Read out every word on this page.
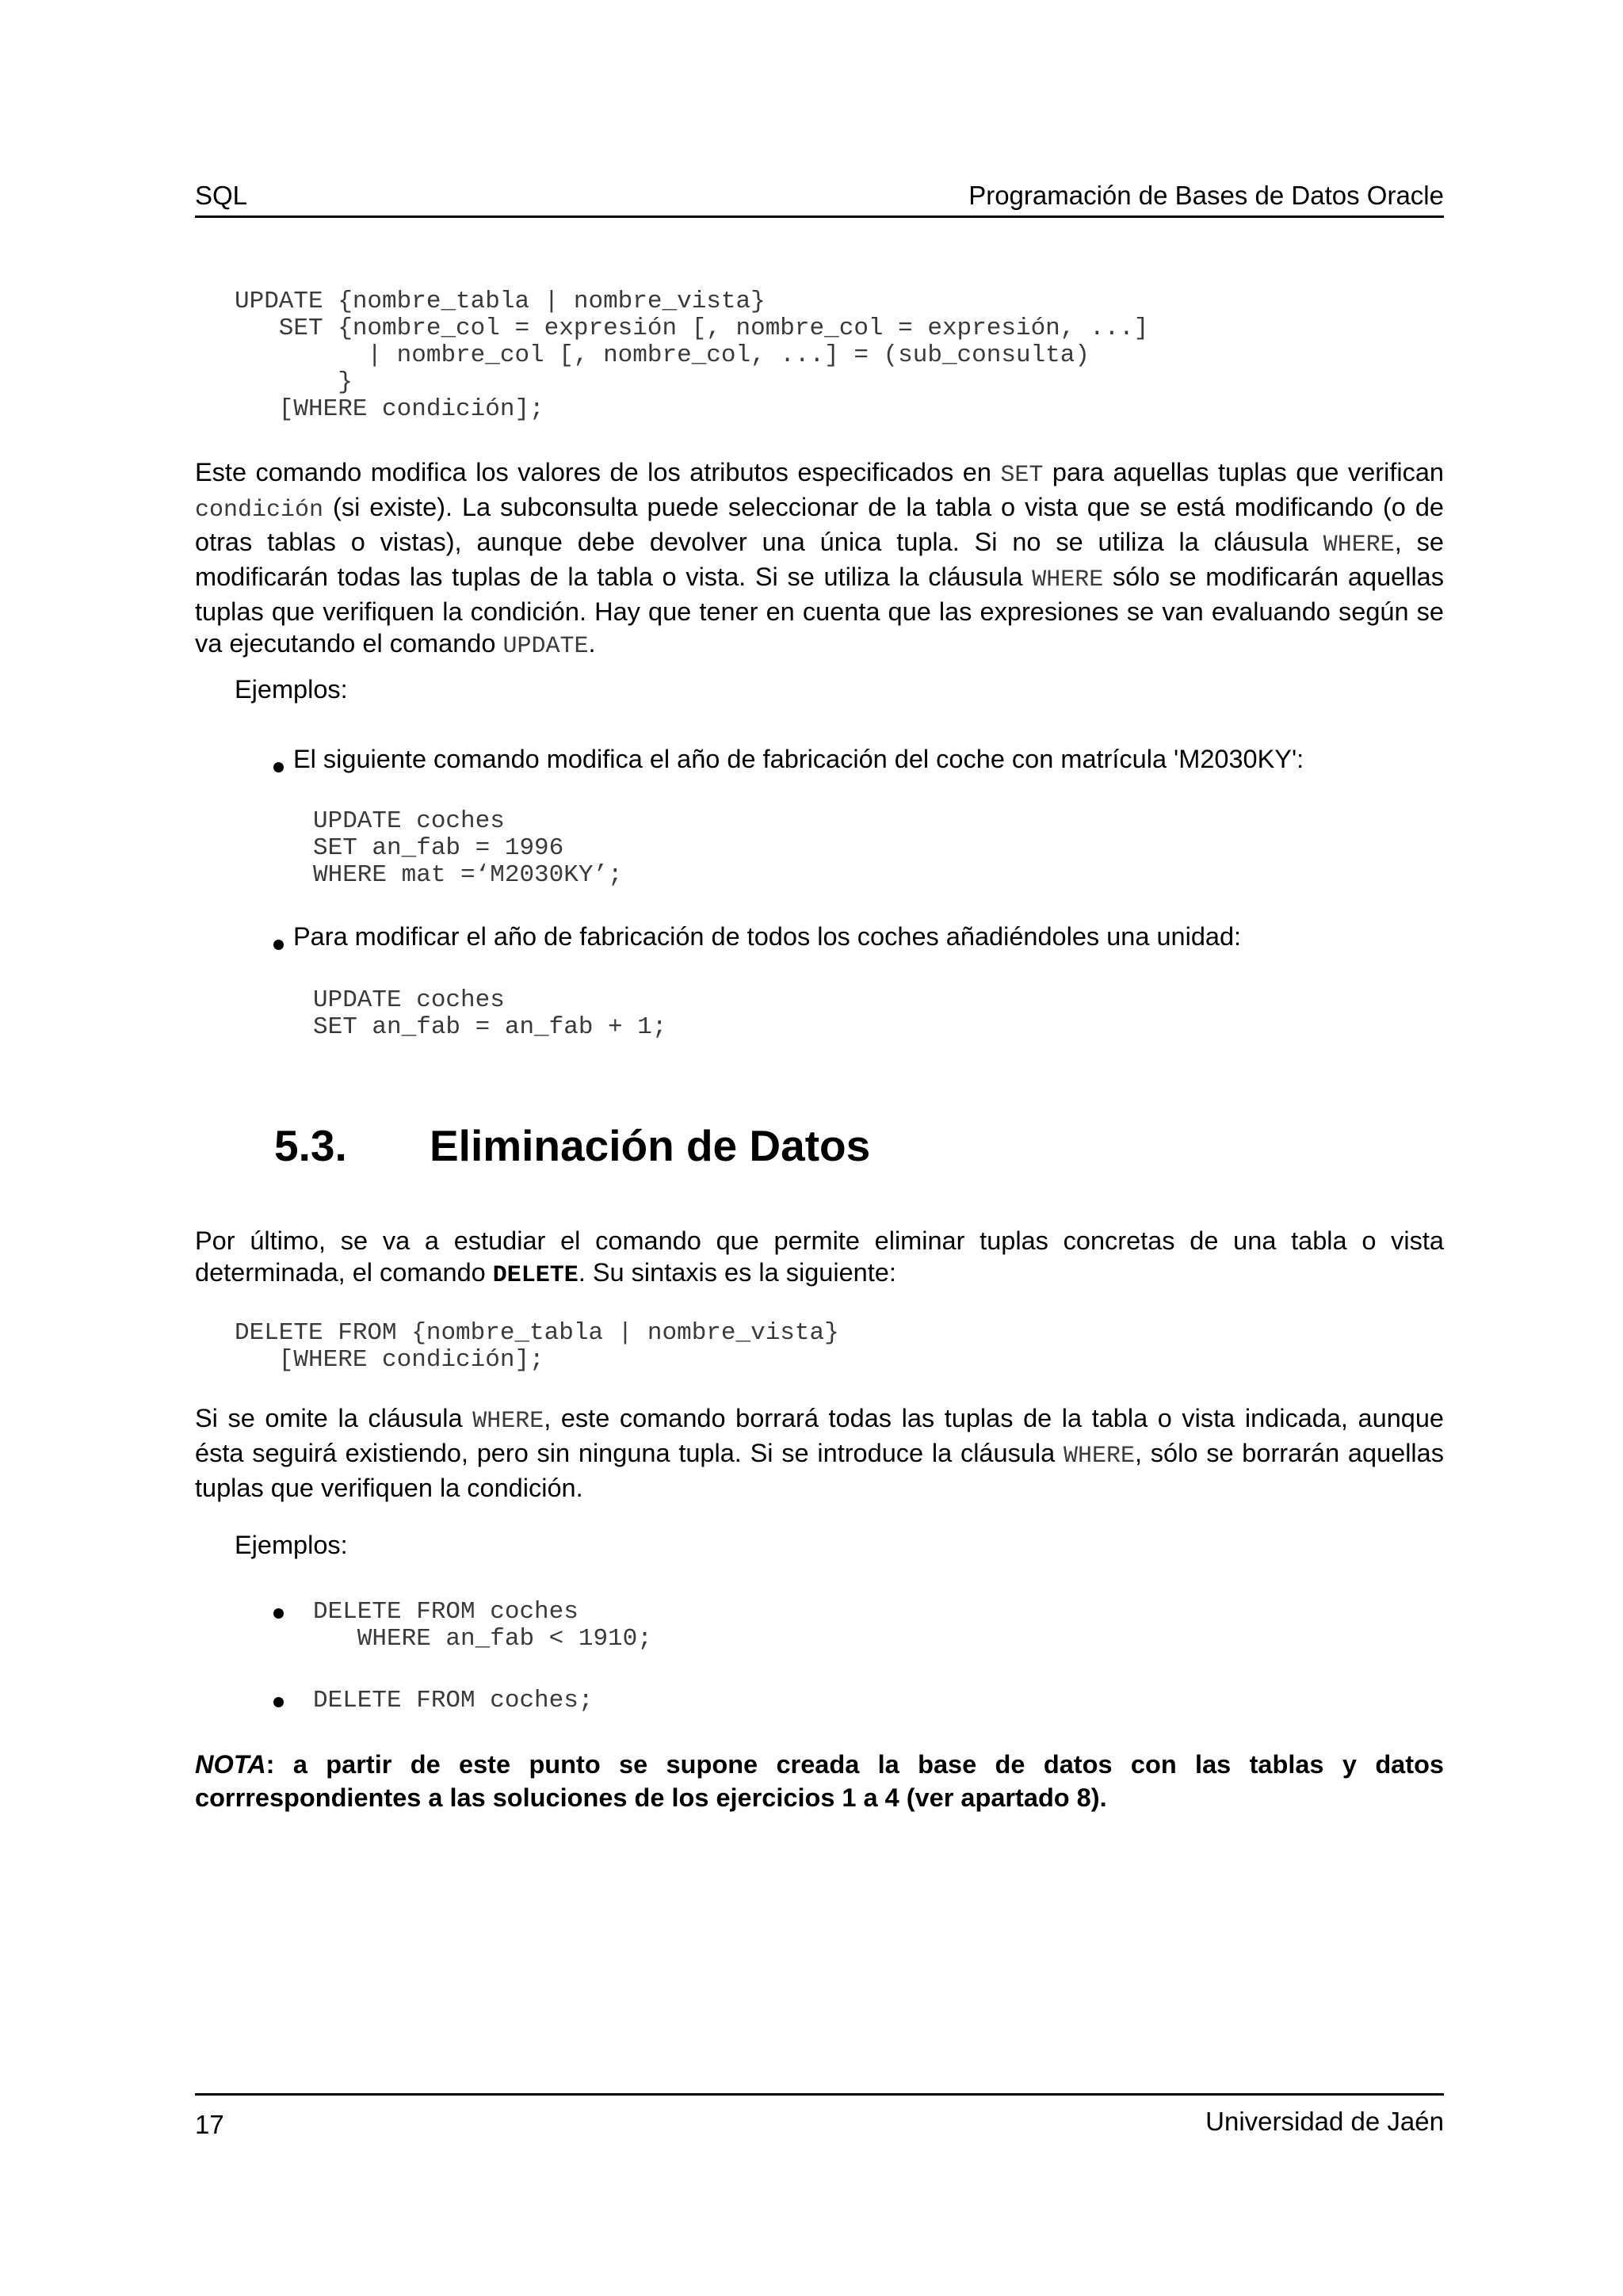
SQL	Programación de Bases de Datos Oracle
UPDATE {nombre_tabla | nombre_vista}
SET {nombre_col = expresión [, nombre_col = expresión, ...]
| nombre_col [, nombre_col, ...] = (sub_consulta)
}
[WHERE condición];

Este comando modifica los valores de los atributos especificados en SET para aquellas tuplas que verifican condición (si existe). La subconsulta puede seleccionar de la tabla o vista que se está modificando (o de otras tablas o vistas), aunque debe devolver una única tupla. Si no se utiliza la cláusula WHERE, se modificarán todas las tuplas de la tabla o vista. Si se utiliza la cláusula WHERE sólo se modificarán aquellas tuplas que verifiquen la condición. Hay que tener en cuenta que las expresiones se van evaluando según se va ejecutando el comando UPDATE.

Ejemplos:

El siguiente comando modifica el año de fabricación del coche con matrícula 'M2030KY':

UPDATE coches
SET an_fab = 1996
WHERE mat =‘M2030KY’;

Para modificar el año de fabricación de todos los coches añadiéndoles una unidad:

UPDATE coches
SET an_fab = an_fab + 1;
5.3. Eliminación de Datos

Por último, se va a estudiar el comando que permite eliminar tuplas concretas de una tabla o vista determinada, el comando DELETE. Su sintaxis es la siguiente:

DELETE FROM {nombre_tabla | nombre_vista}
[WHERE condición];

Si se omite la cláusula WHERE, este comando borrará todas las tuplas de la tabla o vista indicada, aunque ésta seguirá existiendo, pero sin ninguna tupla. Si se introduce la cláusula WHERE, sólo se borrarán aquellas tuplas que verifiquen la condición.

Ejemplos:

DELETE FROM coches
WHERE an_fab < 1910;
DELETE FROM coches;

NOTA: a partir de este punto se supone creada la base de datos con las tablas y datos corrrespondientes a las soluciones de los ejercicios 1 a 4 (ver apartado 8).

17	Universidad de Jaén
